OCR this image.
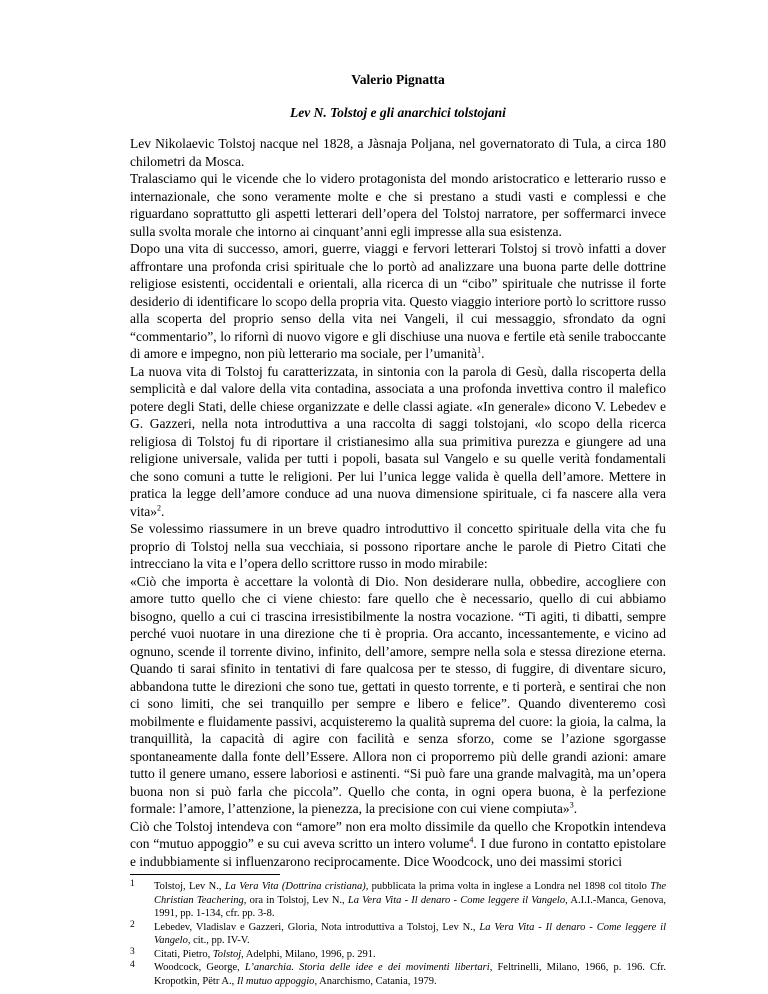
Valerio Pignatta
Lev N. Tolstoj e gli anarchici tolstojani

Lev Nikolaevic Tolstoj nacque nel 1828, a Jàsnaja Poljana, nel governatorato di Tula, a circa 180 chilometri da Mosca.

Tralasciamo qui le vicende che lo videro protagonista del mondo aristocratico e letterario russo e internazionale, che sono veramente molte e che si prestano a studi vasti e complessi e che riguardano soprattutto gli aspetti letterari dell’opera del Tolstoj narratore, per soffermarci invece sulla svolta morale che intorno ai cinquant’anni egli impresse alla sua esistenza.

Dopo una vita di successo, amori, guerre, viaggi e fervori letterari Tolstoj si trovò infatti a dover affrontare una profonda crisi spirituale che lo portò ad analizzare una buona parte delle dottrine religiose esistenti, occidentali e orientali, alla ricerca di un “cibo” spirituale che nutrisse il forte desiderio di identificare lo scopo della propria vita. Questo viaggio interiore portò lo scrittore russo alla scoperta del proprio senso della vita nei Vangeli, il cui messaggio, sfrondato da ogni “commentario”, lo rifornì di nuovo vigore e gli dischiuse una nuova e fertile età senile traboccante di amore e impegno, non più letterario ma sociale, per l’umanità$^1$.

La nuova vita di Tolstoj fu caratterizzata, in sintonia con la parola di Gesù, dalla riscoperta della semplicità e dal valore della vita contadina, associata a una profonda invettiva contro il malefico potere degli Stati, delle chiese organizzate e delle classi agiate. «In generale» dicono V. Lebedev e G. Gazzeri, nella nota introduttiva a una raccolta di saggi tolstojani, «lo scopo della ricerca religiosa di Tolstoj fu di riportare il cristianesimo alla sua primitiva purezza e giungere ad una religione universale, valida per tutti i popoli, basata sul Vangelo e su quelle verità fondamentali che sono comuni a tutte le religioni. Per lui l’unica legge valida è quella dell’amore. Mettere in pratica la legge dell’amore conduce ad una nuova dimensione spirituale, ci fa nascere alla vera vita»$^2$.

Se volessimo riassumere in un breve quadro introduttivo il concetto spirituale della vita che fu proprio di Tolstoj nella sua vecchiaia, si possono riportare anche le parole di Pietro Citati che intrecciano la vita e l’opera dello scrittore russo in modo mirabile:

«Ciò che importa è accettare la volontà di Dio. Non desiderare nulla, obbedire, accogliere con amore tutto quello che ci viene chiesto: fare quello che è necessario, quello di cui abbiamo bisogno, quello a cui ci trascina irresistibilmente la nostra vocazione. “Ti agiti, ti dibatti, sempre perché vuoi nuotare in una direzione che ti è propria. Ora accanto, incessantemente, e vicino ad ognuno, scende il torrente divino, infinito, dell’amore, sempre nella sola e stessa direzione eterna. Quando ti sarai sfinito in tentativi di fare qualcosa per te stesso, di fuggire, di diventare sicuro, abbandona tutte le direzioni che sono tue, gettati in questo torrente, e ti porterà, e sentirai che non ci sono limiti, che sei tranquillo per sempre e libero e felice”. Quando diventeremo così mobilmente e fluidamente passivi, acquisteremo la qualità suprema del cuore: la gioia, la calma, la tranquillità, la capacità di agire con facilità e senza sforzo, come se l’azione sgorgasse spontaneamente dalla fonte dell’Essere. Allora non ci proporremo più delle grandi azioni: amare tutto il genere umano, essere laboriosi e astinenti. “Si può fare una grande malvagità, ma un’opera buona non si può farla che piccola”. Quello che conta, in ogni opera buona, è la perfezione formale: l’amore, l’attenzione, la pienezza, la precisione con cui viene compiuta»$^3$.

Ciò che Tolstoj intendeva con “amore” non era molto dissimile da quello che Kropotkin intendeva con “mutuo appoggio” e su cui aveva scritto un intero volume$^4$. I due furono in contatto epistolare e indubbiamente si influenzarono reciprocamente. Dice Woodcock, uno dei massimi storici

1	Tolstoj, Lev N., La Vera Vita (Dottrina cristiana), pubblicata la prima volta in inglese a Londra nel 1898 col titolo The Christian Teachering, ora in Tolstoj, Lev N., La Vera Vita - Il denaro - Come leggere il Vangelo, A.I.I.-Manca, Genova, 1991, pp. 1-134, cfr. pp. 3-8.
2	Lebedev, Vladislav e Gazzeri, Gloria, Nota introduttiva a Tolstoj, Lev N., La Vera Vita - Il denaro - Come leggere il Vangelo, cit., pp. IV-V.
3	Citati, Pietro, Tolstoj, Adelphi, Milano, 1996, p. 291.
4	Woodcock, George, L’anarchia. Storia delle idee e dei movimenti libertari, Feltrinelli, Milano, 1966, p. 196. Cfr. Kropotkin, Pëtr A., Il mutuo appoggio, Anarchismo, Catania, 1979.
